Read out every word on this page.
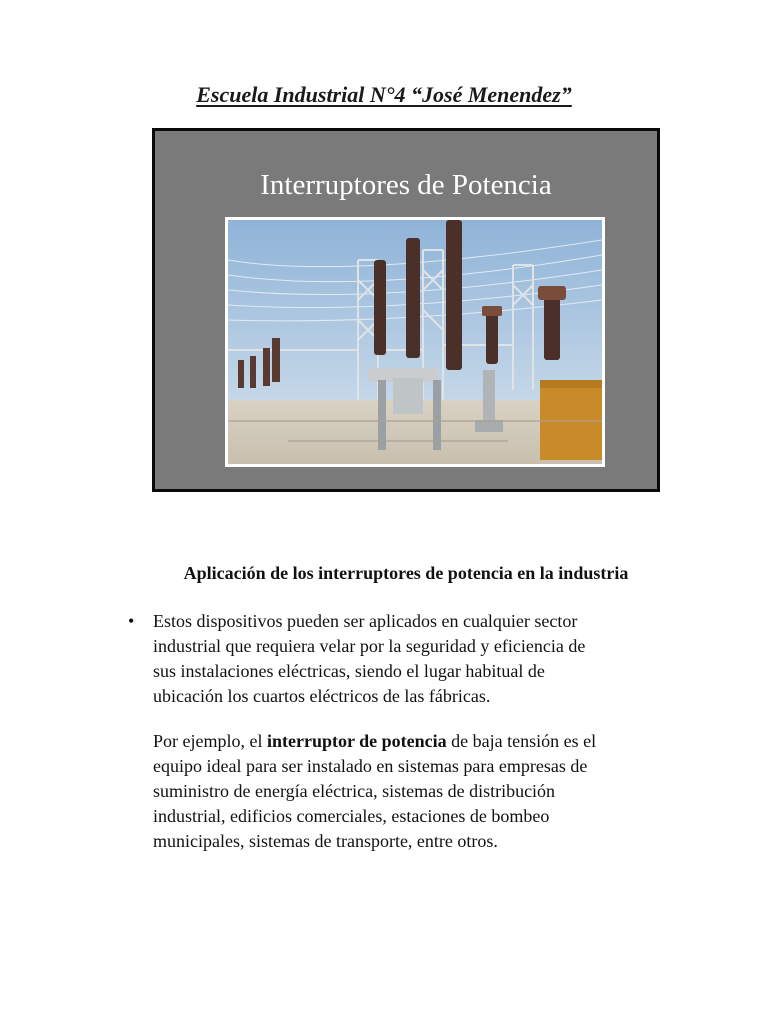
Escuela Industrial N°4 “José Menendez”
Interruptores de Potencia
Aplicación de los interruptores de potencia en la industria
• Estos dispositivos pueden ser aplicados en cualquier sector
industrial que requiera velar por la seguridad y eficiencia de
sus instalaciones eléctricas, siendo el lugar habitual de
ubicación los cuartos eléctricos de las fábricas.
Por ejemplo, el interruptor de potencia de baja tensión es el
equipo ideal para ser instalado en sistemas para empresas de
suministro de energía eléctrica, sistemas de distribución
industrial, edificios comerciales, estaciones de bombeo
municipales, sistemas de transporte, entre otros.
